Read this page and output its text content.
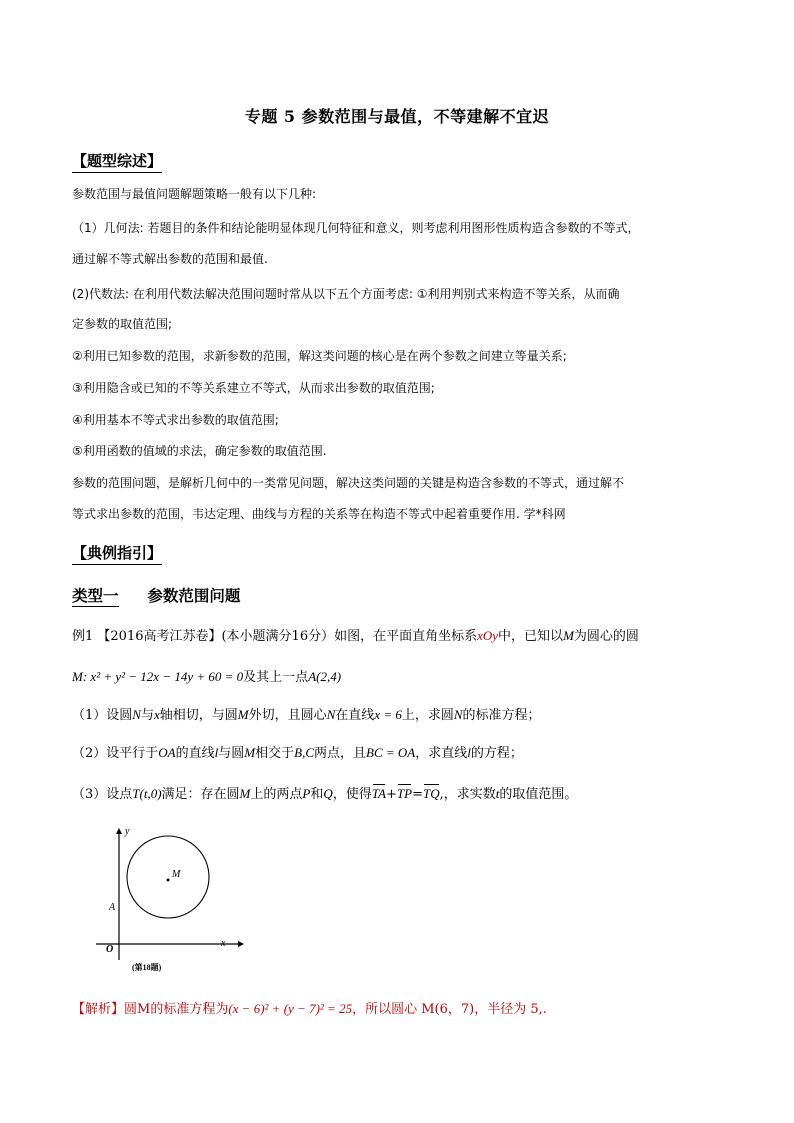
专题 5 参数范围与最值，不等建解不宜迟
【题型综述】
参数范围与最值问题解题策略一般有以下几种:
（1）几何法: 若题目的条件和结论能明显体现几何特征和意义，则考虑利用图形性质构造含参数的不等式，
通过解不等式解出参数的范围和最值.
(2)代数法: 在利用代数法解决范围问题时常从以下五个方面考虑: ①利用判别式来构造不等关系，从而确
定参数的取值范围;
②利用已知参数的范围，求新参数的范围，解这类问题的核心是在两个参数之间建立等量关系;
③利用隐含或已知的不等关系建立不等式，从而求出参数的取值范围;
④利用基本不等式求出参数的取值范围;
⑤利用函数的值域的求法，确定参数的取值范围.
参数的范围问题，是解析几何中的一类常见问题，解决这类问题的关键是构造含参数的不等式，通过解不
等式求出参数的范围，韦达定理、曲线与方程的关系等在构造不等式中起着重要作用. 学*科网
【典例指引】
类型一 参数范围问题
例1 【2016高考江苏卷】(本小题满分16分）如图，在平面直角坐标系xOy中，已知以M为圆心的圆
M: x² + y² − 12x − 14y + 60 = 0及其上一点A(2,4)
（1）设圆N与x轴相切，与圆M外切，且圆心N在直线x = 6上，求圆N的标准方程；
（2）设平行于OA的直线l与圆M相交于B,C两点，且BC = OA，求直线l的方程；
（3）设点T(t,0)满足：存在圆M上的两点P和Q，使得TA+TP=TQ,，求实数t的取值范围。
M
A
y
x
O
(第18题)
【解析】圆M的标准方程为(x − 6)² + (y − 7)² = 25，所以圆心 M(6，7)，半径为 5,.
